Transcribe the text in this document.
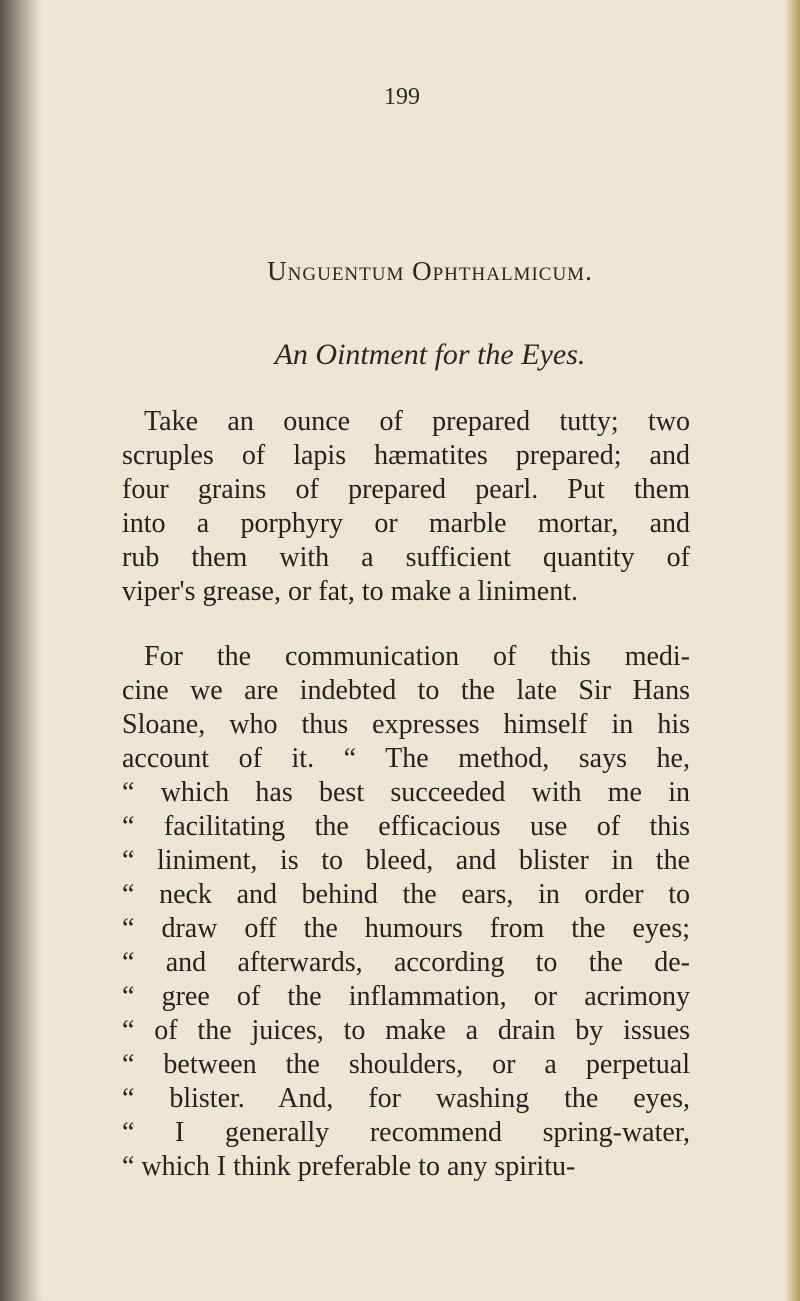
199
Unguentum Ophthalmicum.
An Ointment for the Eyes.
Take an ounce of prepared tutty; two
scruples of lapis hæmatites prepared; and
four grains of prepared pearl. Put them
into a porphyry or marble mortar, and
rub them with a sufficient quantity of
viper's grease, or fat, to make a liniment.
For the communication of this medi-
cine we are indebted to the late Sir Hans
Sloane, who thus expresses himself in his
account of it. “ The method, says he,
“ which has best succeeded with me in
“ facilitating the efficacious use of this
“ liniment, is to bleed, and blister in the
“ neck and behind the ears, in order to
“ draw off the humours from the eyes;
“ and afterwards, according to the de-
“ gree of the inflammation, or acrimony
“ of the juices, to make a drain by issues
“ between the shoulders, or a perpetual
“ blister. And, for washing the eyes,
“ I generally recommend spring-water,
“ which I think preferable to any spiritu-
